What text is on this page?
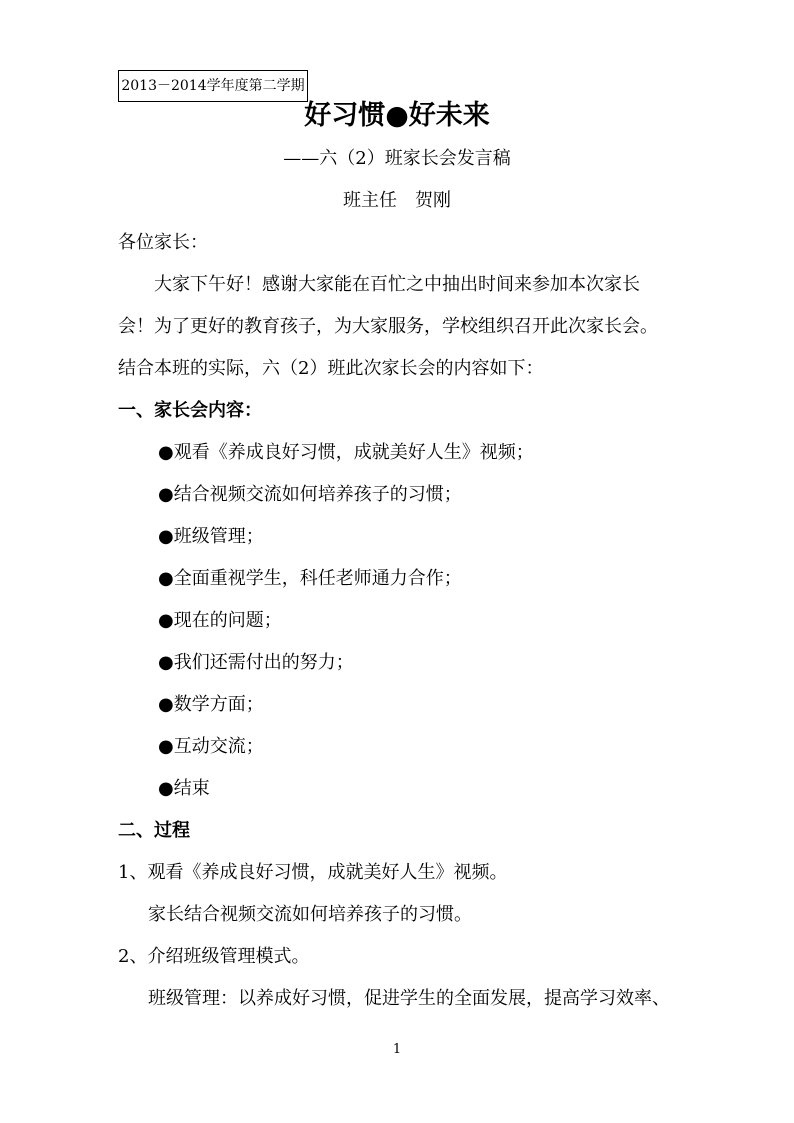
2013－2014学年度第二学期
好习惯●好未来
——六（2）班家长会发言稿
班主任　贺刚
各位家长：
大家下午好！感谢大家能在百忙之中抽出时间来参加本次家长
会！为了更好的教育孩子，为大家服务，学校组织召开此次家长会。
结合本班的实际，六（2）班此次家长会的内容如下：
一、家长会内容：
●观看《养成良好习惯，成就美好人生》视频；
●结合视频交流如何培养孩子的习惯；
●班级管理；
●全面重视学生，科任老师通力合作；
●现在的问题；
●我们还需付出的努力；
●数学方面；
●互动交流；
●结束
二、过程
1、观看《养成良好习惯，成就美好人生》视频。
家长结合视频交流如何培养孩子的习惯。
2、介绍班级管理模式。
班级管理：以养成好习惯，促进学生的全面发展，提高学习效率、
1
